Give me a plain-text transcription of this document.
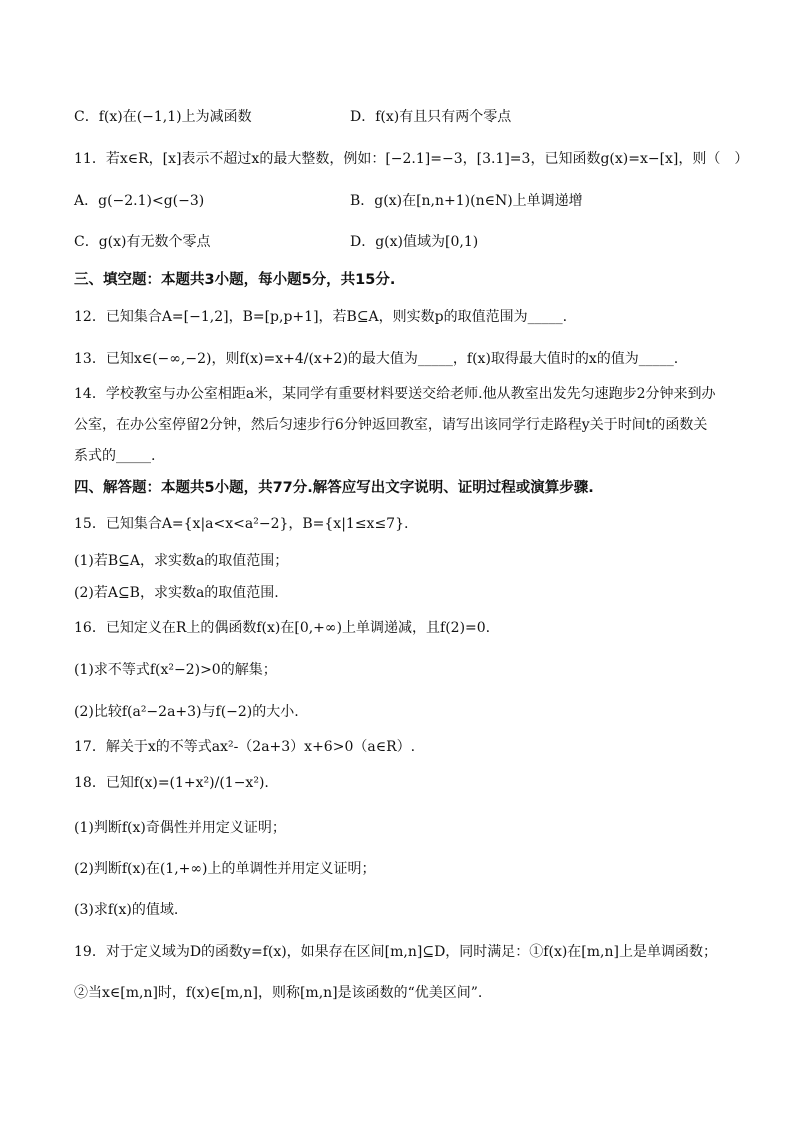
C．f(x)在(−1,1)上为减函数	D．f(x)有且只有两个零点
11．若x∈R，[x]表示不超过x的最大整数，例如：[−2.1]=−3，[3.1]=3，已知函数g(x)=x−[x]，则（　）
A．g(−2.1)<g(−3)	B．g(x)在[n,n+1)(n∈N)上单调递增
C．g(x)有无数个零点	D．g(x)值域为[0,1)
三、填空题：本题共3小题，每小题5分，共15分.
12．已知集合A=[−1,2]，B=[p,p+1]，若B⊆A，则实数p的取值范围为_____.
13．已知x∈(−∞,−2)，则f(x)=x+4/(x+2)的最大值为_____，f(x)取得最大值时的x的值为_____.
14．学校教室与办公室相距a米，某同学有重要材料要送交给老师.他从教室出发先匀速跑步2分钟来到办
公室，在办公室停留2分钟，然后匀速步行6分钟返回教室，请写出该同学行走路程y关于时间t的函数关
系式的_____.
四、解答题：本题共5小题，共77分.解答应写出文字说明、证明过程或演算步骤.
15．已知集合A={x|a<x<a²−2}，B={x|1≤x≤7}.
(1)若B⊆A，求实数a的取值范围；
(2)若A⊆B，求实数a的取值范围.
16．已知定义在R上的偶函数f(x)在[0,+∞)上单调递减，且f(2)=0.
(1)求不等式f(x²−2)>0的解集；
(2)比较f(a²−2a+3)与f(−2)的大小.
17．解关于x的不等式ax²-（2a+3）x+6>0（a∈R）.
18．已知f(x)=(1+x²)/(1−x²).
(1)判断f(x)奇偶性并用定义证明；
(2)判断f(x)在(1,+∞)上的单调性并用定义证明；
(3)求f(x)的值域.
19．对于定义域为D的函数y=f(x)，如果存在区间[m,n]⊆D，同时满足：①f(x)在[m,n]上是单调函数；
②当x∈[m,n]时，f(x)∈[m,n]，则称[m,n]是该函数的“优美区间”.
